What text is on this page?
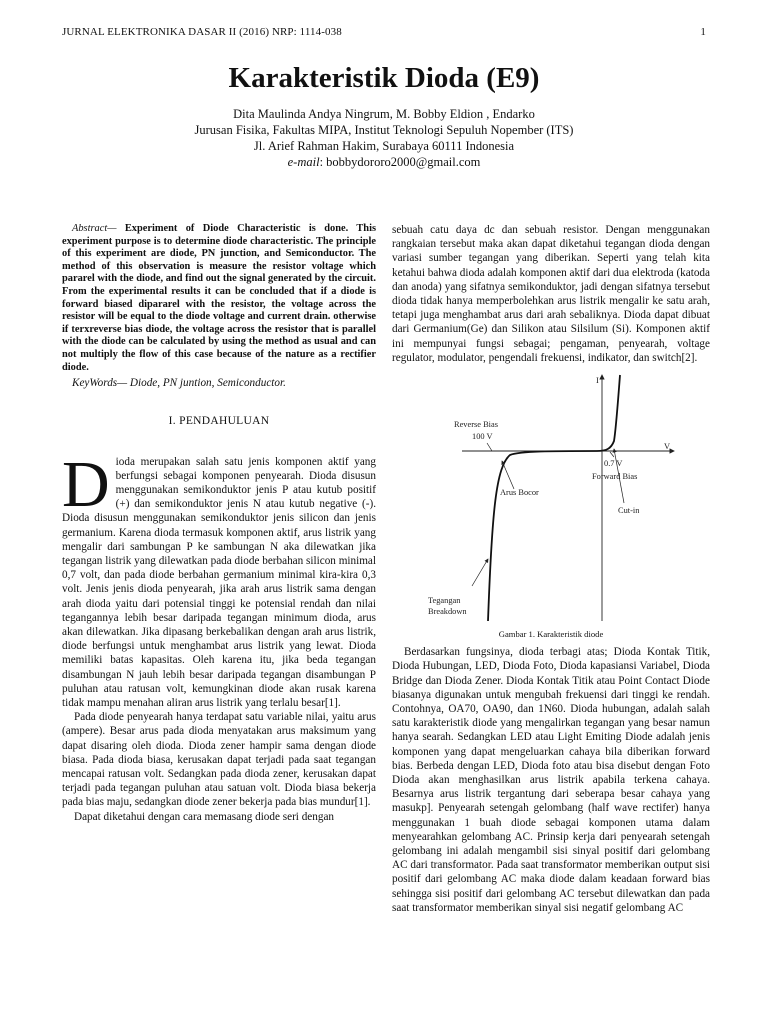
JURNAL ELEKTRONIKA DASAR II (2016) NRP: 1114-038	1
Karakteristik Dioda (E9)
Dita Maulinda Andya Ningrum, M. Bobby Eldion , Endarko
Jurusan Fisika, Fakultas MIPA, Institut Teknologi Sepuluh Nopember (ITS)
Jl. Arief Rahman Hakim, Surabaya 60111 Indonesia
e-mail: bobbydororo2000@gmail.com

Abstract— Experiment of Diode Characteristic is done. This experiment purpose is to determine diode characteristic. The principle of this experiment are diode, PN junction, and Semiconductor. The method of this observation is measure the resistor voltage which pararel with the diode, and find out the signal generated by the circuit. From the experimental results it can be concluded that if a diode is forward biased dipararel with the resistor, the voltage across the resistor will be equal to the diode voltage and current drain. otherwise if terxreverse bias diode, the voltage across the resistor that is parallel with the diode can be calculated by using the method as usual and can not multiply the flow of this case because of the nature as a rectifier diode.

KeyWords— Diode, PN juntion, Semiconductor.

I. PENDAHULUAN
D ioda merupakan salah satu jenis komponen aktif yang berfungsi sebagai komponen penyearah. Dioda disusun menggunakan semikonduktor jenis P atau kutub positif (+) dan semikonduktor jenis N atau kutub negative (-). Dioda disusun menggunakan semikonduktor jenis silicon dan jenis germanium. Karena dioda termasuk komponen aktif, arus listrik yang mengalir dari sambungan P ke sambungan N aka dilewatkan jika tegangan listrik yang dilewatkan pada diode berbahan silicon minimal 0,7 volt, dan pada diode berbahan germanium minimal kira-kira 0,3 volt. Jenis jenis dioda penyearah, jika arah arus listrik sama dengan arah dioda yaitu dari potensial tinggi ke potensial rendah dan nilai tegangannya lebih besar daripada tegangan minimum dioda, arus akan dilewatkan. Jika dipasang berkebalikan dengan arah arus listrik, diode berfungsi untuk menghambat arus listrik yang lewat. Dioda memiliki batas kapasitas. Oleh karena itu, jika beda tegangan disambungan N jauh lebih besar daripada tegangan disambungan P puluhan atau ratusan volt, kemungkinan diode akan rusak karena tidak mampu menahan aliran arus listrik yang terlalu besar[1].

Pada diode penyearah hanya terdapat satu variable nilai, yaitu arus (ampere). Besar arus pada dioda menyatakan arus maksimum yang dapat disaring oleh dioda. Dioda zener hampir sama dengan diode biasa. Pada dioda biasa, kerusakan dapat terjadi pada saat tegangan mencapai ratusan volt. Sedangkan pada dioda zener, kerusakan dapat terjadi pada tegangan puluhan atau satuan volt. Dioda biasa bekerja pada bias maju, sedangkan diode zener bekerja pada bias mundur[1].

Dapat diketahui dengan cara memasang diode seri dengan

sebuah catu daya dc dan sebuah resistor. Dengan menggunakan rangkaian tersebut maka akan dapat diketahui tegangan dioda dengan variasi sumber tegangan yang diberikan. Seperti yang telah kita ketahui bahwa dioda adalah komponen aktif dari dua elektroda (katoda dan anoda) yang sifatnya semikonduktor, jadi dengan sifatnya tersebut dioda tidak hanya memperbolehkan arus listrik mengalir ke satu arah, tetapi juga menghambat arus dari arah sebaliknya. Dioda dapat dibuat dari Germanium(Ge) dan Silikon atau Silsilum (Si). Komponen aktif ini mempunyai fungsi sebagai; pengaman, penyearah, voltage regulator, modulator, pengendali frekuensi, indikator, dan switch[2].

I
V
Reverse Bias
100 V
0.7 V
Forward Bias
Arus Bocor
Cut-in
Tegangan
Breakdown
Gambar 1. Karakteristik diode

Berdasarkan fungsinya, dioda terbagi atas; Dioda Kontak Titik, Dioda Hubungan, LED, Dioda Foto, Dioda kapasiansi Variabel, Dioda Bridge dan Dioda Zener. Dioda Kontak Titik atau Point Contact Diode biasanya digunakan untuk mengubah frekuensi dari tinggi ke rendah. Contohnya, OA70, OA90, dan 1N60. Dioda hubungan, adalah salah satu karakteristik diode yang mengalirkan tegangan yang besar namun hanya searah. Sedangkan LED atau Light Emiting Diode adalah jenis komponen yang dapat mengeluarkan cahaya bila diberikan forward bias. Berbeda dengan LED, Dioda foto atau bisa disebut dengan Foto Dioda akan menghasilkan arus listrik apabila terkena cahaya. Besarnya arus listrik tergantung dari seberapa besar cahaya yang masukp]. Penyearah setengah gelombang (half wave rectifer) hanya menggunakan 1 buah diode sebagai komponen utama dalam menyearahkan gelombang AC. Prinsip kerja dari penyearah setengah gelombang ini adalah mengambil sisi sinyal positif dari gelombang AC dari transformator. Pada saat transformator memberikan output sisi positif dari gelombang AC maka diode dalam keadaan forward bias sehingga sisi positif dari gelombang AC tersebut dilewatkan dan pada saat transformator memberikan sinyal sisi negatif gelombang AC
